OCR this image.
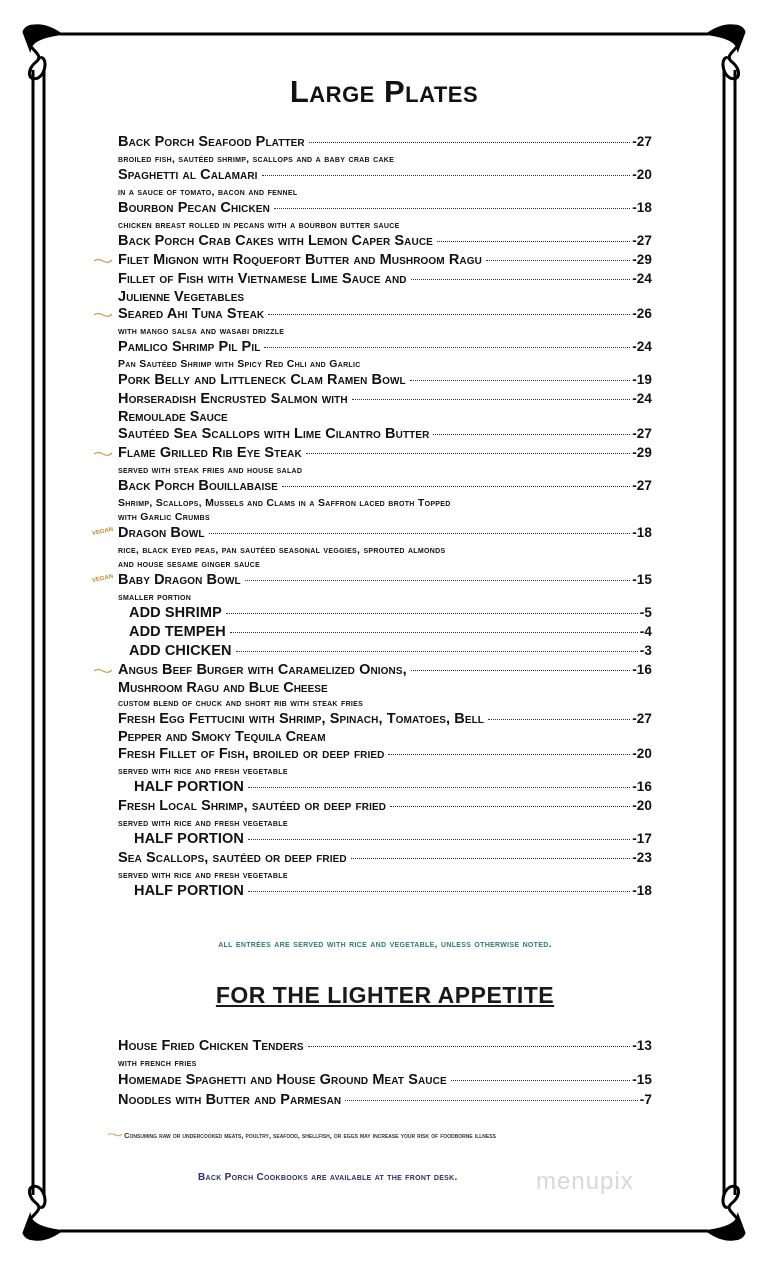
Large Plates
Back Porch Seafood Platter	-27
broiled fish, sautéed shrimp, scallops and a baby crab cake
Spaghetti al Calamari	-20
in a sauce of tomato, bacon and fennel
Bourbon Pecan Chicken	-18
chicken breast rolled in pecans with a bourbon butter sauce
Back Porch Crab Cakes with Lemon Caper Sauce	-27
Filet Mignon with Roquefort Butter and Mushroom Ragu	-29
Fillet of Fish with Vietnamese Lime Sauce and	-24
Julienne Vegetables
Seared Ahi Tuna Steak	-26
with mango salsa and wasabi drizzle
Pamlico Shrimp Pil Pil	-24
Pan Sautéed Shrimp with Spicy Red Chli and Garlic
Pork Belly and Littleneck Clam Ramen Bowl	-19
Horseradish Encrusted Salmon with	-24
Remoulade Sauce
Sautéed Sea Scallops with Lime Cilantro Butter	-27
Flame Grilled Rib Eye Steak	-29
served with steak fries and house salad
Back Porch Bouillabaise	-27
Shrimp, Scallops, Mussels and Clams in a Saffron laced broth Topped
with Garlic Crumbs
VEGAN Dragon Bowl	-18
rice, black eyed peas, pan sautéed seasonal veggies, sprouted almonds
and house sesame ginger sauce
VEGAN Baby Dragon Bowl	-15
smaller portion
ADD SHRIMP	-5
ADD TEMPEH	-4
ADD CHICKEN	-3
Angus Beef Burger with Caramelized Onions,	-16
Mushroom Ragu and Blue Cheese
custom blend of chuck and short rib with steak fries
Fresh Egg Fettucini with Shrimp, Spinach, Tomatoes, Bell	-27
Pepper and Smoky Tequila Cream
Fresh Fillet of Fish, broiled or deep fried	-20
served with rice and fresh vegetable
HALF PORTION	-16
Fresh Local Shrimp, sautéed or deep fried	-20
served with rice and fresh vegetable
HALF PORTION	-17
Sea Scallops, sautéed or deep fried	-23
served with rice and fresh vegetable
HALF PORTION	-18
all entrées are served with rice and vegetable, unless otherwise noted.
FOR THE LIGHTER APPETITE
House Fried Chicken Tenders	-13
with french fries
Homemade Spaghetti and House Ground Meat Sauce	-15
Noodles with Butter and Parmesan	-7
Consuming raw or undercooked meats, poultry, seafood, shellfish, or eggs may increase your risk of foodborne illness
Back Porch Cookbooks are available at the front desk.	menupix
